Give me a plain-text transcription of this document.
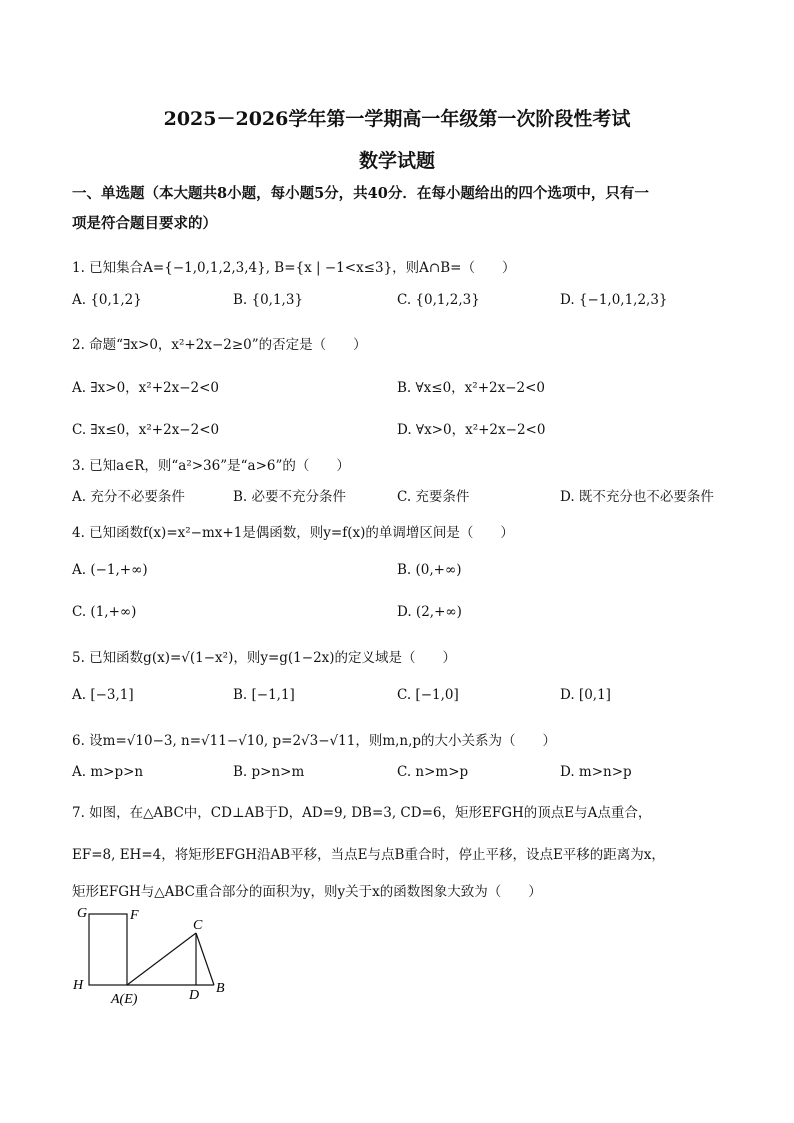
2025－2026学年第一学期高一年级第一次阶段性考试
数学试题
一、单选题（本大题共8小题，每小题5分，共40分．在每小题给出的四个选项中，只有一
项是符合题目要求的）
1. 已知集合A={−1,0,1,2,3,4}, B={x | −1<x≤3}，则A∩B=（　　）
A. {0,1,2}	B. {0,1,3}	C. {0,1,2,3}	D. {−1,0,1,2,3}
2. 命题“∃x>0，x²+2x−2≥0”的否定是（　　）
A. ∃x>0，x²+2x−2<0	B. ∀x≤0，x²+2x−2<0
C. ∃x≤0，x²+2x−2<0	D. ∀x>0，x²+2x−2<0
3. 已知a∈R，则“a²>36”是“a>6”的（　　）
A. 充分不必要条件	B. 必要不充分条件	C. 充要条件	D. 既不充分也不必要条件
4. 已知函数f(x)=x²−mx+1是偶函数，则y=f(x)的单调增区间是（　　）
A. (−1,+∞)	B. (0,+∞)
C. (1,+∞)	D. (2,+∞)
5. 已知函数g(x)=√(1−x²)，则y=g(1−2x)的定义域是（　　）
A. [−3,1]	B. [−1,1]	C. [−1,0]	D. [0,1]
6. 设m=√10−3, n=√11−√10, p=2√3−√11，则m,n,p的大小关系为（　　）
A. m>p>n	B. p>n>m	C. n>m>p	D. m>n>p
7. 如图，在△ABC中，CD⊥AB于D，AD=9, DB=3, CD=6，矩形EFGH的顶点E与A点重合，
EF=8, EH=4，将矩形EFGH沿AB平移，当点E与点B重合时，停止平移，设点E平移的距离为x，
矩形EFGH与△ABC重合部分的面积为y，则y关于x的函数图象大致为（　　）
G	F
C
H
A(E)	D B
